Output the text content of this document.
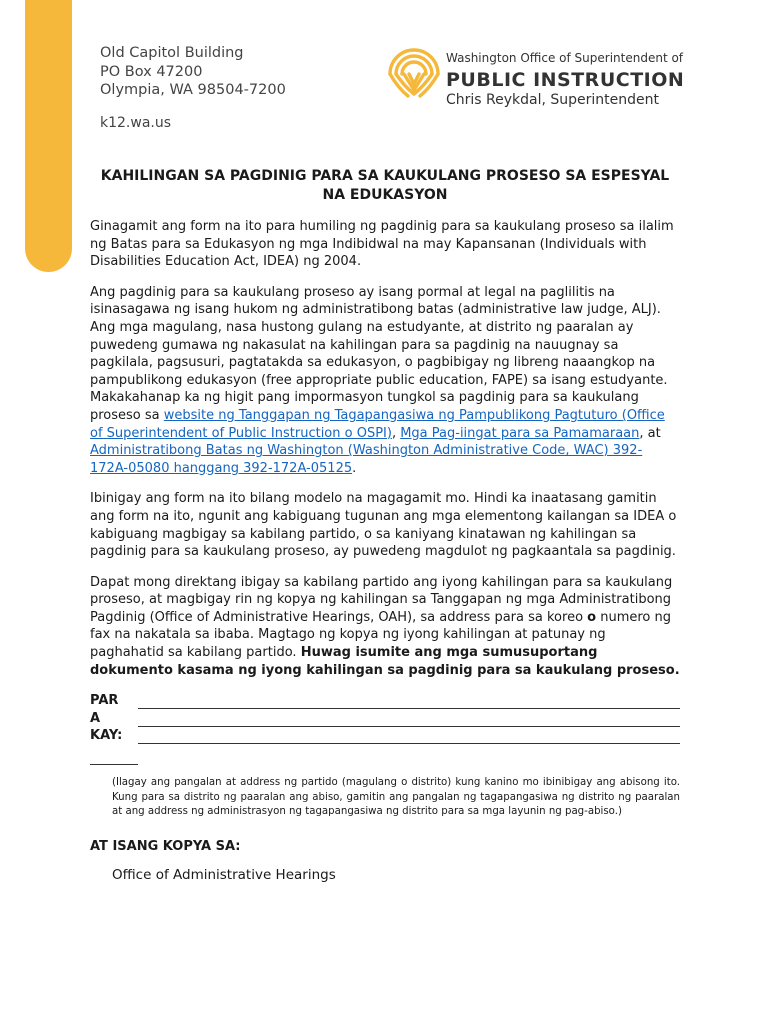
Old Capitol Building
PO Box 47200
Olympia, WA 98504-7200
k12.wa.us
Washington Office of Superintendent of
PUBLIC INSTRUCTION
Chris Reykdal, Superintendent
KAHILINGAN SA PAGDINIG PARA SA KAUKULANG PROSESO SA ESPESYAL NA EDUKASYON

Ginagamit ang form na ito para humiling ng pagdinig para sa kaukulang proseso sa ilalim ng Batas para sa Edukasyon ng mga Indibidwal na may Kapansanan (Individuals with Disabilities Education Act, IDEA) ng 2004.

Ang pagdinig para sa kaukulang proseso ay isang pormal at legal na paglilitis na isinasagawa ng isang hukom ng administratibong batas (administrative law judge, ALJ). Ang mga magulang, nasa hustong gulang na estudyante, at distrito ng paaralan ay puwedeng gumawa ng nakasulat na kahilingan para sa pagdinig na nauugnay sa pagkilala, pagsusuri, pagtatakda sa edukasyon, o pagbibigay ng libreng naaangkop na pampublikong edukasyon (free appropriate public education, FAPE) sa isang estudyante. Makakahanap ka ng higit pang impormasyon tungkol sa pagdinig para sa kaukulang proseso sa website ng Tanggapan ng Tagapangasiwa ng Pampublikong Pagtuturo (Office of Superintendent of Public Instruction o OSPI), Mga Pag-iingat para sa Pamamaraan, at Administratibong Batas ng Washington (Washington Administrative Code, WAC) 392-172A-05080 hanggang 392-172A-05125.

Ibinigay ang form na ito bilang modelo na magagamit mo. Hindi ka inaatasang gamitin ang form na ito, ngunit ang kabiguang tugunan ang mga elementong kailangan sa IDEA o kabiguang magbigay sa kabilang partido, o sa kaniyang kinatawan ng kahilingan sa pagdinig para sa kaukulang proseso, ay puwedeng magdulot ng pagkaantala sa pagdinig.

Dapat mong direktang ibigay sa kabilang partido ang iyong kahilingan para sa kaukulang proseso, at magbigay rin ng kopya ng kahilingan sa Tanggapan ng mga Administratibong Pagdinig (Office of Administrative Hearings, OAH), sa address para sa koreo o numero ng fax na nakatala sa ibaba. Magtago ng kopya ng iyong kahilingan at patunay ng paghahatid sa kabilang partido. Huwag isumite ang mga sumusuportang dokumento kasama ng iyong kahilingan sa pagdinig para sa kaukulang proseso.

PAR
A
KAY:
(Ilagay ang pangalan at address ng partido (magulang o distrito) kung kanino mo ibinibigay ang abisong ito. Kung para sa distrito ng paaralan ang abiso, gamitin ang pangalan ng tagapangasiwa ng distrito ng paaralan at ang address ng administrasyon ng tagapangasiwa ng distrito para sa mga layunin ng pag-abiso.)
AT ISANG KOPYA SA:
Office of Administrative Hearings
